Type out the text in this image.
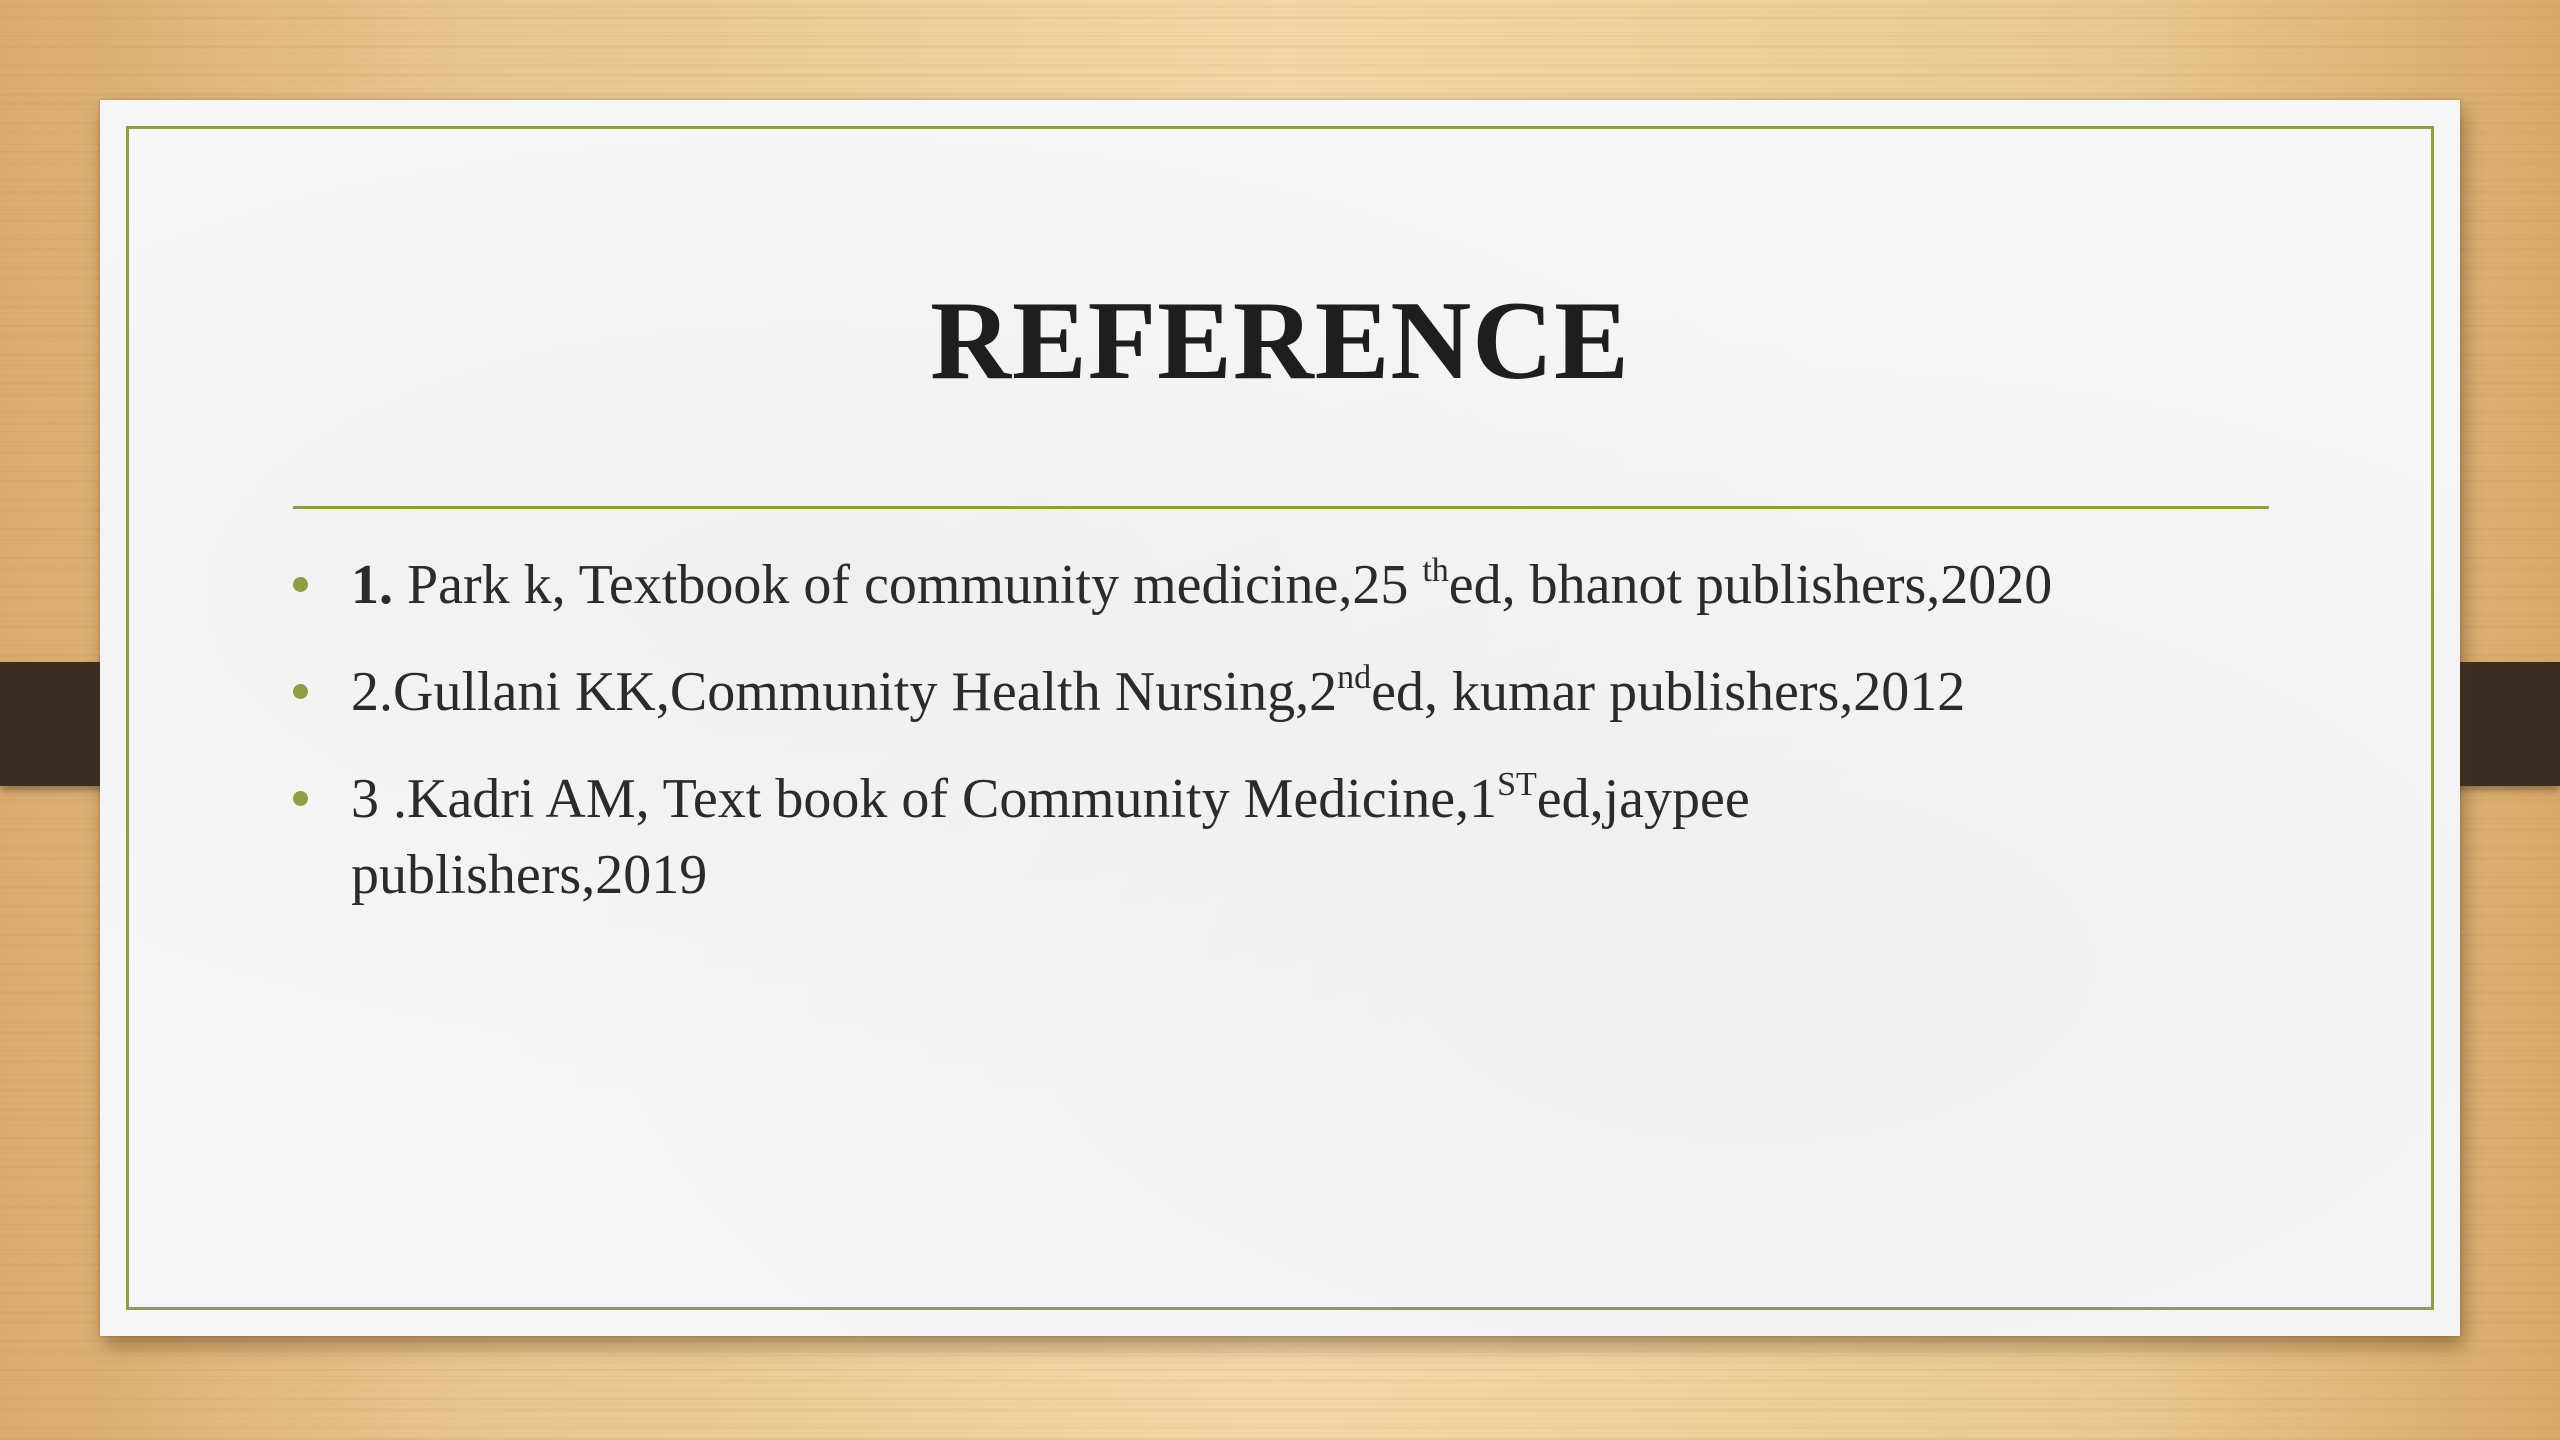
REFERENCE
1. Park k, Textbook of community medicine,25 $^{th}$ed, bhanot publishers,2020
2.Gullani KK,Community Health Nursing,2nded, kumar publishers,2012
3 .Kadri AM, Text book of Community Medicine,1STed,jaypee
publishers,2019
